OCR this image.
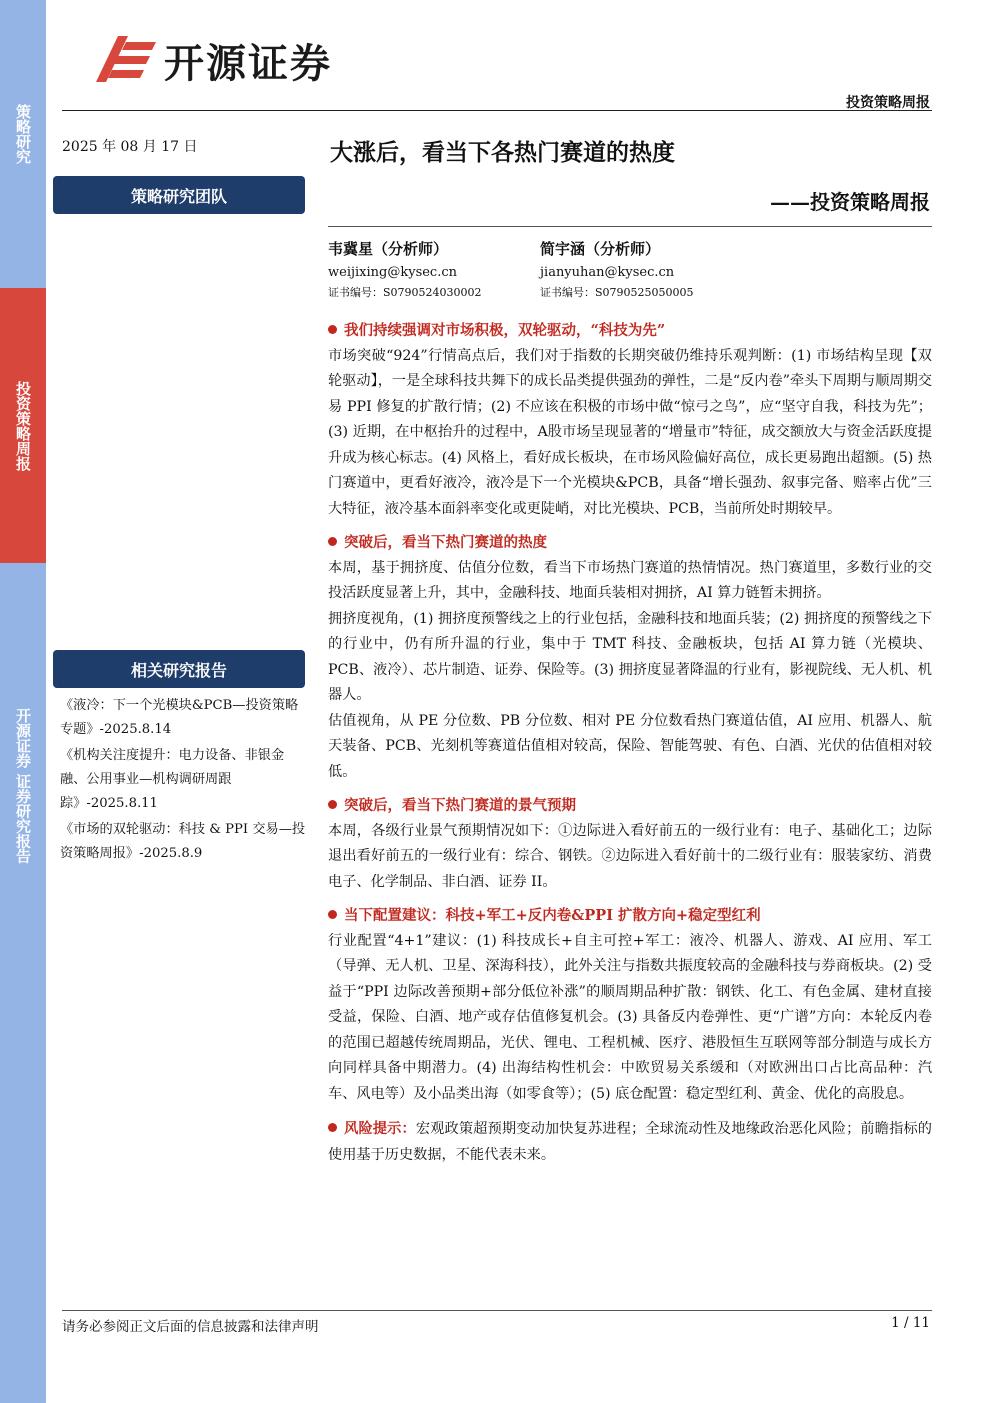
策略研究
投资策略周报
开源证券 证券研究报告
开源证券
投资策略周报
2025 年 08 月 17 日
策略研究团队
相关研究报告

《液冷：下一个光模块&PCB—投资策略专题》-2025.8.14

《机构关注度提升：电力设备、非银金融、公用事业—机构调研周跟踪》-2025.8.11

《市场的双轮驱动：科技 & PPI 交易—投资策略周报》-2025.8.9

大涨后，看当下各热门赛道的热度
——投资策略周报
韦冀星（分析师）
weijixing@kysec.cn
证书编号：S0790524030002
简宇涵（分析师）
jianyuhan@kysec.cn
证书编号：S0790525050005
我们持续强调对市场积极，双轮驱动，“科技为先”

市场突破“924”行情高点后，我们对于指数的长期突破仍维持乐观判断：(1) 市场结构呈现【双轮驱动】，一是全球科技共舞下的成长品类提供强劲的弹性，二是“反内卷”牵头下周期与顺周期交易 PPI 修复的扩散行情；(2) 不应该在积极的市场中做“惊弓之鸟”，应“坚守自我，科技为先”；(3) 近期，在中枢抬升的过程中，A股市场呈现显著的“增量市”特征，成交额放大与资金活跃度提升成为核心标志。(4) 风格上，看好成长板块，在市场风险偏好高位，成长更易跑出超额。(5) 热门赛道中，更看好液冷，液冷是下一个光模块&PCB，具备“增长强劲、叙事完备、赔率占优”三大特征，液冷基本面斜率变化或更陡峭，对比光模块、PCB，当前所处时期较早。

突破后，看当下热门赛道的热度

本周，基于拥挤度、估值分位数，看当下市场热门赛道的热情情况。热门赛道里，多数行业的交投活跃度显著上升，其中，金融科技、地面兵装相对拥挤，AI 算力链暂未拥挤。

拥挤度视角，(1) 拥挤度预警线之上的行业包括，金融科技和地面兵装；(2) 拥挤度的预警线之下的行业中，仍有所升温的行业，集中于 TMT 科技、金融板块，包括 AI 算力链（光模块、PCB、液冷）、芯片制造、证券、保险等。(3) 拥挤度显著降温的行业有，影视院线、无人机、机器人。

估值视角，从 PE 分位数、PB 分位数、相对 PE 分位数看热门赛道估值，AI 应用、机器人、航天装备、PCB、光刻机等赛道估值相对较高，保险、智能驾驶、有色、白酒、光伏的估值相对较低。

突破后，看当下热门赛道的景气预期

本周，各级行业景气预期情况如下：①边际进入看好前五的一级行业有：电子、基础化工；边际退出看好前五的一级行业有：综合、钢铁。②边际进入看好前十的二级行业有：服装家纺、消费电子、化学制品、非白酒、证券 II。

当下配置建议：科技+军工+反内卷&PPI 扩散方向+稳定型红利

行业配置“4+1”建议：(1) 科技成长+自主可控+军工：液冷、机器人、游戏、AI 应用、军工（导弹、无人机、卫星、深海科技），此外关注与指数共振度较高的金融科技与券商板块。(2) 受益于“PPI 边际改善预期+部分低位补涨”的顺周期品种扩散：钢铁、化工、有色金属、建材直接受益，保险、白酒、地产或存估值修复机会。(3) 具备反内卷弹性、更“广谱”方向：本轮反内卷的范围已超越传统周期品，光伏、锂电、工程机械、医疗、港股恒生互联网等部分制造与成长方向同样具备中期潜力。(4) 出海结构性机会：中欧贸易关系缓和（对欧洲出口占比高品种：汽车、风电等）及小品类出海（如零食等）；(5) 底仓配置：稳定型红利、黄金、优化的高股息。

风险提示：宏观政策超预期变动加快复苏进程；全球流动性及地缘政治恶化风险；前瞻指标的使用基于历史数据，不能代表未来。

请务必参阅正文后面的信息披露和法律声明	1 / 11
